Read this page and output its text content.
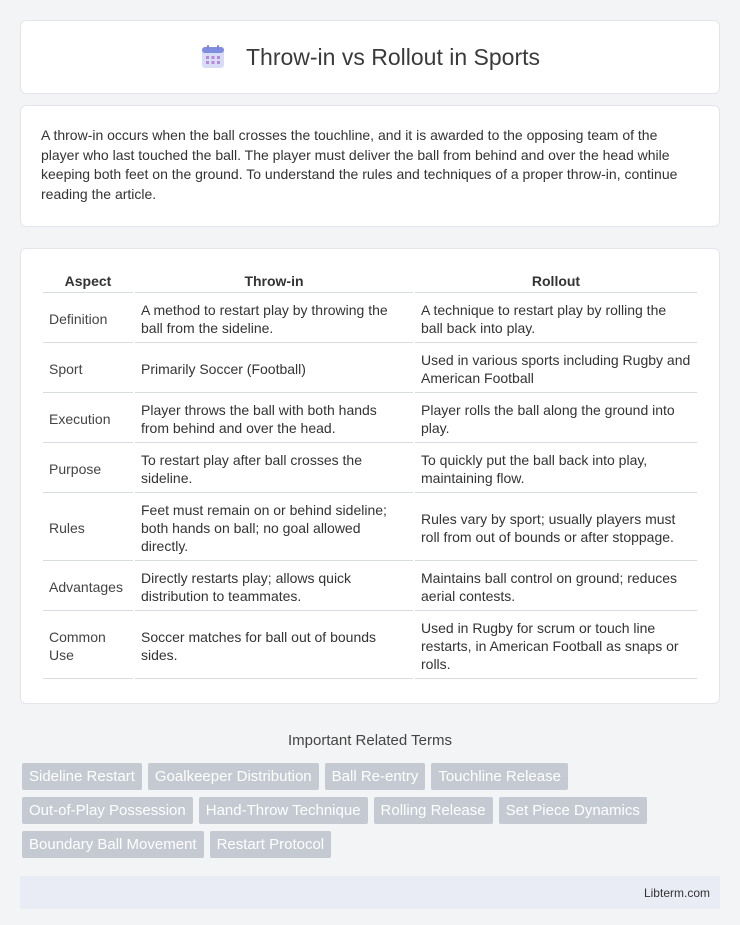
Throw-in vs Rollout in Sports
A throw-in occurs when the ball crosses the touchline, and it is awarded to the opposing team of the player who last touched the ball. The player must deliver the ball from behind and over the head while keeping both feet on the ground. To understand the rules and techniques of a proper throw-in, continue reading the article.
Aspect	Throw-in	Rollout
Definition	A method to restart play by throwing the ball from the sideline.	A technique to restart play by rolling the ball back into play.
Sport	Primarily Soccer (Football)	Used in various sports including Rugby and American Football
Execution	Player throws the ball with both hands from behind and over the head.	Player rolls the ball along the ground into play.
Purpose	To restart play after ball crosses the sideline.	To quickly put the ball back into play, maintaining flow.
Rules	Feet must remain on or behind sideline; both hands on ball; no goal allowed directly.	Rules vary by sport; usually players must roll from out of bounds or after stoppage.
Advantages	Directly restarts play; allows quick distribution to teammates.	Maintains ball control on ground; reduces aerial contests.
Common Use	Soccer matches for ball out of bounds sides.	Used in Rugby for scrum or touch line restarts, in American Football as snaps or rolls.
Important Related Terms
Sideline Restart	Goalkeeper Distribution	Ball Re-entry	Touchline Release
Out-of-Play Possession	Hand-Throw Technique	Rolling Release	Set Piece Dynamics
Boundary Ball Movement	Restart Protocol
Libterm.com
